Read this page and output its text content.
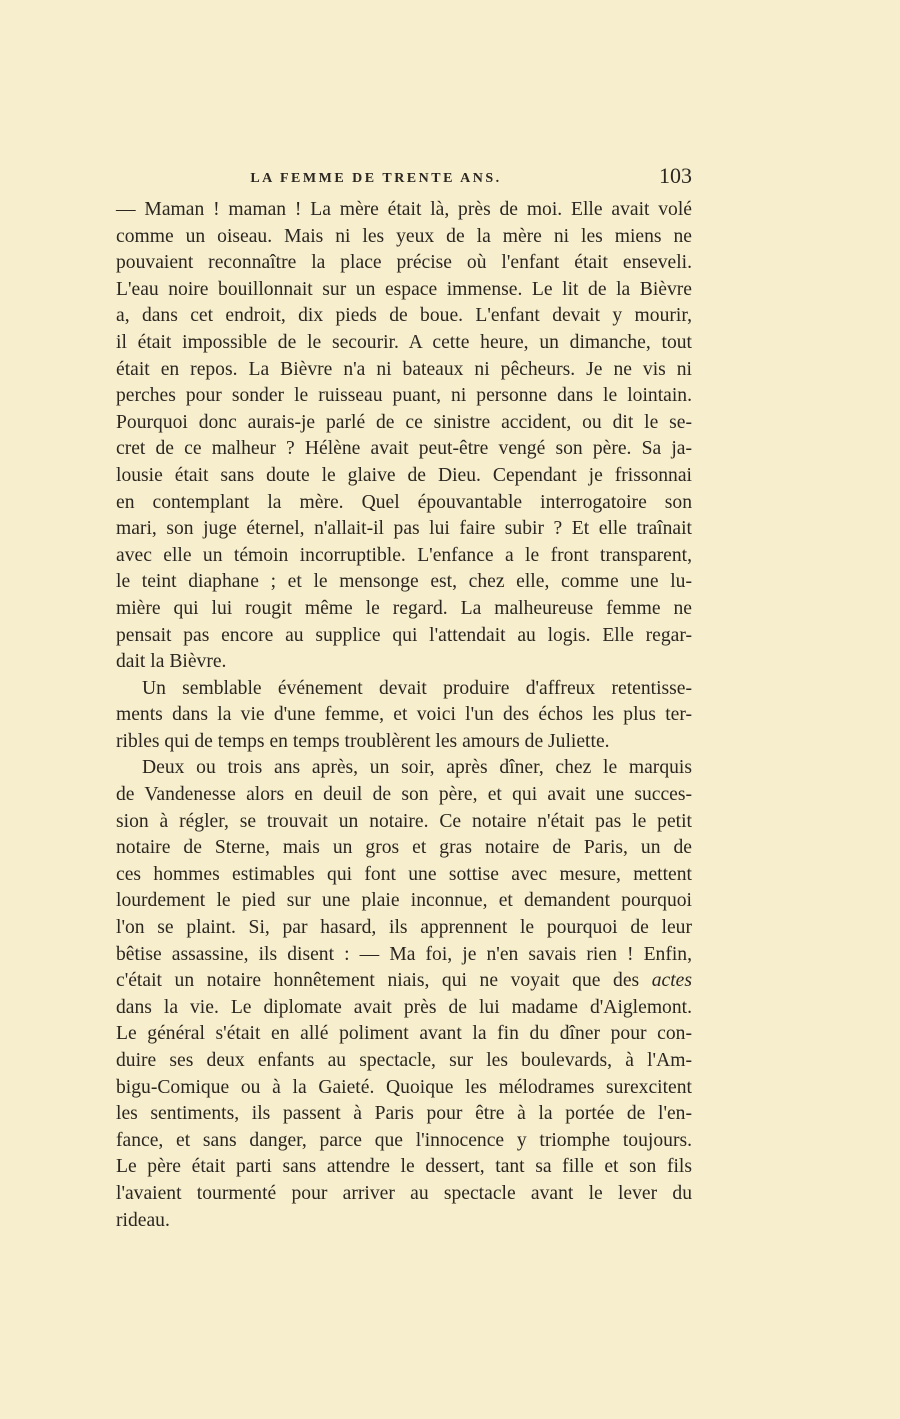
LA FEMME DE TRENTE ANS.	103
— Maman ! maman ! La mère était là, près de moi. Elle avait volé
comme un oiseau. Mais ni les yeux de la mère ni les miens ne
pouvaient reconnaître la place précise où l'enfant était enseveli.
L'eau noire bouillonnait sur un espace immense. Le lit de la Bièvre
a, dans cet endroit, dix pieds de boue. L'enfant devait y mourir,
il était impossible de le secourir. A cette heure, un dimanche, tout
était en repos. La Bièvre n'a ni bateaux ni pêcheurs. Je ne vis ni
perches pour sonder le ruisseau puant, ni personne dans le lointain.
Pourquoi donc aurais-je parlé de ce sinistre accident, ou dit le se-
cret de ce malheur ? Hélène avait peut-être vengé son père. Sa ja-
lousie était sans doute le glaive de Dieu. Cependant je frissonnai
en contemplant la mère. Quel épouvantable interrogatoire son
mari, son juge éternel, n'allait-il pas lui faire subir ? Et elle traînait
avec elle un témoin incorruptible. L'enfance a le front transparent,
le teint diaphane ; et le mensonge est, chez elle, comme une lu-
mière qui lui rougit même le regard. La malheureuse femme ne
pensait pas encore au supplice qui l'attendait au logis. Elle regar-
dait la Bièvre.
Un semblable événement devait produire d'affreux retentisse-
ments dans la vie d'une femme, et voici l'un des échos les plus ter-
ribles qui de temps en temps troublèrent les amours de Juliette.
Deux ou trois ans après, un soir, après dîner, chez le marquis
de Vandenesse alors en deuil de son père, et qui avait une succes-
sion à régler, se trouvait un notaire. Ce notaire n'était pas le petit
notaire de Sterne, mais un gros et gras notaire de Paris, un de
ces hommes estimables qui font une sottise avec mesure, mettent
lourdement le pied sur une plaie inconnue, et demandent pourquoi
l'on se plaint. Si, par hasard, ils apprennent le pourquoi de leur
bêtise assassine, ils disent : — Ma foi, je n'en savais rien ! Enfin,
c'était un notaire honnêtement niais, qui ne voyait que des actes
dans la vie. Le diplomate avait près de lui madame d'Aiglemont.
Le général s'était en allé poliment avant la fin du dîner pour con-
duire ses deux enfants au spectacle, sur les boulevards, à l'Am-
bigu-Comique ou à la Gaieté. Quoique les mélodrames surexcitent
les sentiments, ils passent à Paris pour être à la portée de l'en-
fance, et sans danger, parce que l'innocence y triomphe toujours.
Le père était parti sans attendre le dessert, tant sa fille et son fils
l'avaient tourmenté pour arriver au spectacle avant le lever du
rideau.
